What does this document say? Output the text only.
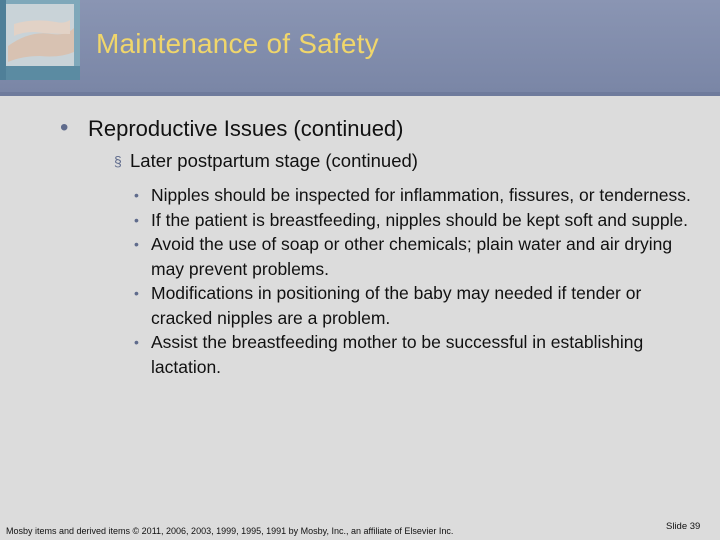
Maintenance of Safety
• Reproductive Issues (continued)
§ Later postpartum stage (continued)
• Nipples should be inspected for inflammation, fissures, or tenderness.
• If the patient is breastfeeding, nipples should be kept soft and supple.
• Avoid the use of soap or other chemicals; plain water and air drying may prevent problems.
• Modifications in positioning of the baby may needed if tender or cracked nipples are a problem.
• Assist the breastfeeding mother to be successful in establishing lactation.
Mosby items and derived items © 2011, 2006, 2003, 1999, 1995, 1991 by Mosby, Inc., an affiliate of Elsevier Inc.	Slide 39
